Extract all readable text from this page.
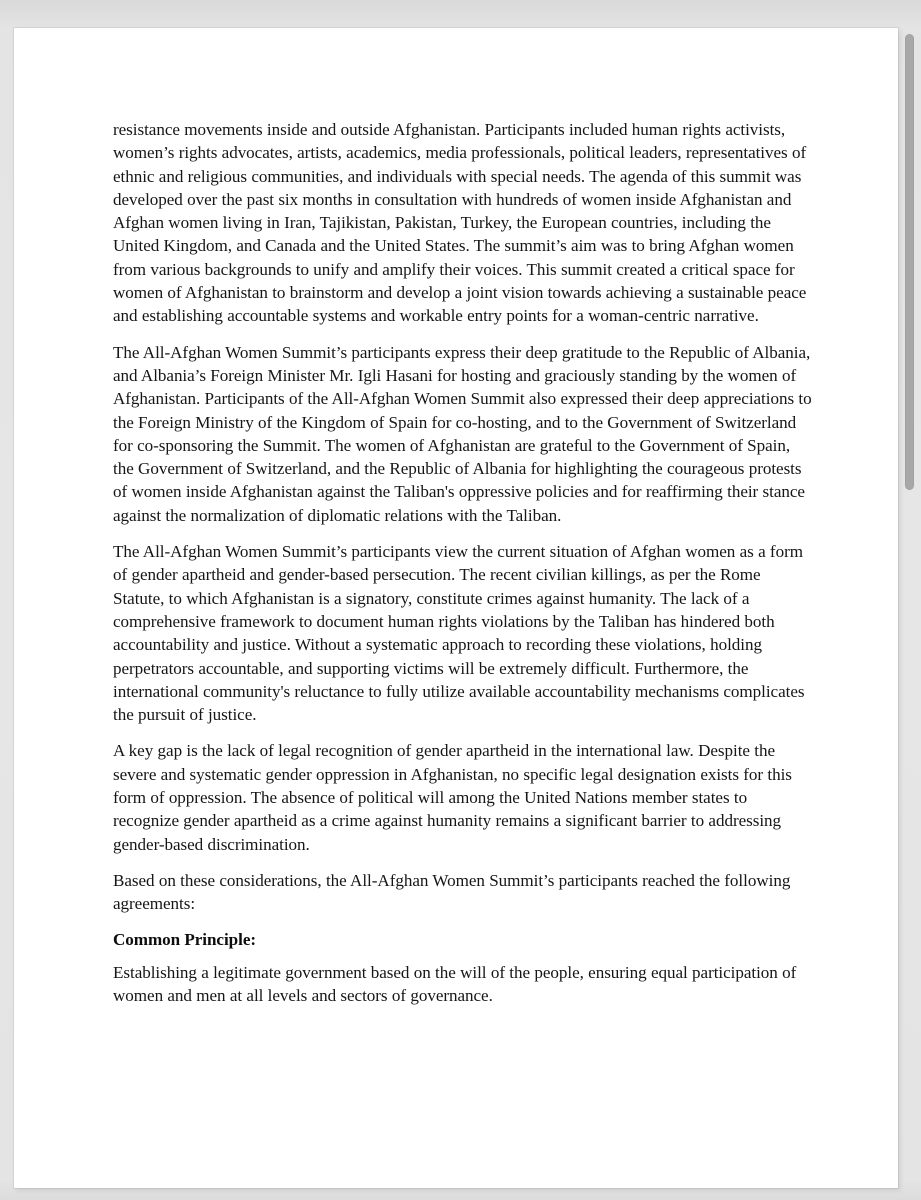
resistance movements inside and outside Afghanistan. Participants included human rights activists, women’s rights advocates, artists, academics, media professionals, political leaders, representatives of ethnic and religious communities, and individuals with special needs. The agenda of this summit was developed over the past six months in consultation with hundreds of women inside Afghanistan and Afghan women living in Iran, Tajikistan, Pakistan, Turkey, the European countries, including the United Kingdom, and Canada and the United States. The summit’s aim was to bring Afghan women from various backgrounds to unify and amplify their voices. This summit created a critical space for women of Afghanistan to brainstorm and develop a joint vision towards achieving a sustainable peace and establishing accountable systems and workable entry points for a woman-centric narrative.

The All-Afghan Women Summit’s participants express their deep gratitude to the Republic of Albania, and Albania’s Foreign Minister Mr. Igli Hasani for hosting and graciously standing by the women of Afghanistan. Participants of the All-Afghan Women Summit also expressed their deep appreciations to the Foreign Ministry of the Kingdom of Spain for co-hosting, and to the Government of Switzerland for co-sponsoring the Summit. The women of Afghanistan are grateful to the Government of Spain, the Government of Switzerland, and the Republic of Albania for highlighting the courageous protests of women inside Afghanistan against the Taliban's oppressive policies and for reaffirming their stance against the normalization of diplomatic relations with the Taliban.

The All-Afghan Women Summit’s participants view the current situation of Afghan women as a form of gender apartheid and gender-based persecution. The recent civilian killings, as per the Rome Statute, to which Afghanistan is a signatory, constitute crimes against humanity. The lack of a comprehensive framework to document human rights violations by the Taliban has hindered both accountability and justice. Without a systematic approach to recording these violations, holding perpetrators accountable, and supporting victims will be extremely difficult. Furthermore, the international community's reluctance to fully utilize available accountability mechanisms complicates the pursuit of justice.

A key gap is the lack of legal recognition of gender apartheid in the international law. Despite the severe and systematic gender oppression in Afghanistan, no specific legal designation exists for this form of oppression. The absence of political will among the United Nations member states to recognize gender apartheid as a crime against humanity remains a significant barrier to addressing gender-based discrimination.

Based on these considerations, the All-Afghan Women Summit’s participants reached the following agreements:

Common Principle:

Establishing a legitimate government based on the will of the people, ensuring equal participation of women and men at all levels and sectors of governance.
